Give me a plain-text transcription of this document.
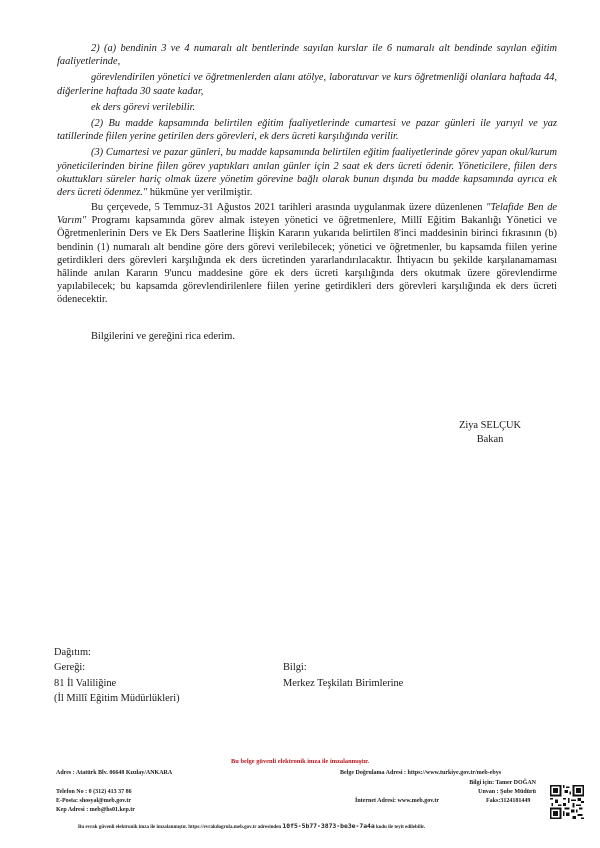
2) (a) bendinin 3 ve 4 numaralı alt bentlerinde sayılan kurslar ile 6 numaralı alt bendinde sayılan eğitim faaliyetlerinde,

görevlendirilen yönetici ve öğretmenlerden alanı atölye, laboratuvar ve kurs öğretmenliği olanlara haftada 44, diğerlerine haftada 30 saate kadar,

ek ders görevi verilebilir.

(2) Bu madde kapsamında belirtilen eğitim faaliyetlerinde cumartesi ve pazar günleri ile yarıyıl ve yaz tatillerinde fiilen yerine getirilen ders görevleri, ek ders ücreti karşılığında verilir.

(3) Cumartesi ve pazar günleri, bu madde kapsamında belirtilen eğitim faaliyetlerinde görev yapan okul/kurum yöneticilerinden birine fiilen görev yaptıkları anılan günler için 2 saat ek ders ücreti ödenir. Yöneticilere, fiilen ders okuttukları süreler hariç olmak üzere yönetim görevine bağlı olarak bunun dışında bu madde kapsamında ayrıca ek ders ücreti ödenmez." hükmüne yer verilmiştir.

Bu çerçevede, 5 Temmuz-31 Ağustos 2021 tarihleri arasında uygulanmak üzere düzenlenen "Telafide Ben de Varım" Programı kapsamında görev almak isteyen yönetici ve öğretmenlere, Millî Eğitim Bakanlığı Yönetici ve Öğretmenlerinin Ders ve Ek Ders Saatlerine İlişkin Kararın yukarıda belirtilen 8'inci maddesinin birinci fıkrasının (b) bendinin (1) numaralı alt bendine göre ders görevi verilebilecek; yönetici ve öğretmenler, bu kapsamda fiilen yerine getirdikleri ders görevleri karşılığında ek ders ücretinden yararlandırılacaktır. İhtiyacın bu şekilde karşılanamaması hâlinde anılan Kararın 9'uncu maddesine göre ek ders ücreti karşılığında ders okutmak üzere görevlendirme yapılabilecek; bu kapsamda görevlendirilenlere fiilen yerine getirdikleri ders görevleri karşılığında ek ders ücreti ödenecektir.

Bilgilerini ve gereğini rica ederim.

Ziya SELÇUK
Bakan
Dağıtım:
Gereği:
81 İl Valiliğine
(İl Millî Eğitim Müdürlükleri)
Bilgi:
Merkez Teşkilatı Birimlerine
Bu belge güvenli elektronik imza ile imzalanmıştır.
Adres : Atatürk Blv. 06648 Kızılay/ANKARA	Belge Doğrulama Adresi : https://www.turkiye.gov.tr/meb-ebys
Bilgi için: Tamer DOĞAN
Unvan : Şube Müdürü
Telefon No : 0 (312) 413 37 86
E-Posta: shosyal@meb.gov.tr	İnternet Adresi: www.meb.gov.tr	Faks:3124181449
Kep Adresi : meb@hs01.kep.tr
Bu evrak güvenli elektronik imza ile imzalanmıştır. https://evrakdogrula.meb.gov.tr adresinden 10f5-5b77-3873-be3e-7a4a kodu ile teyit edilebilir.
